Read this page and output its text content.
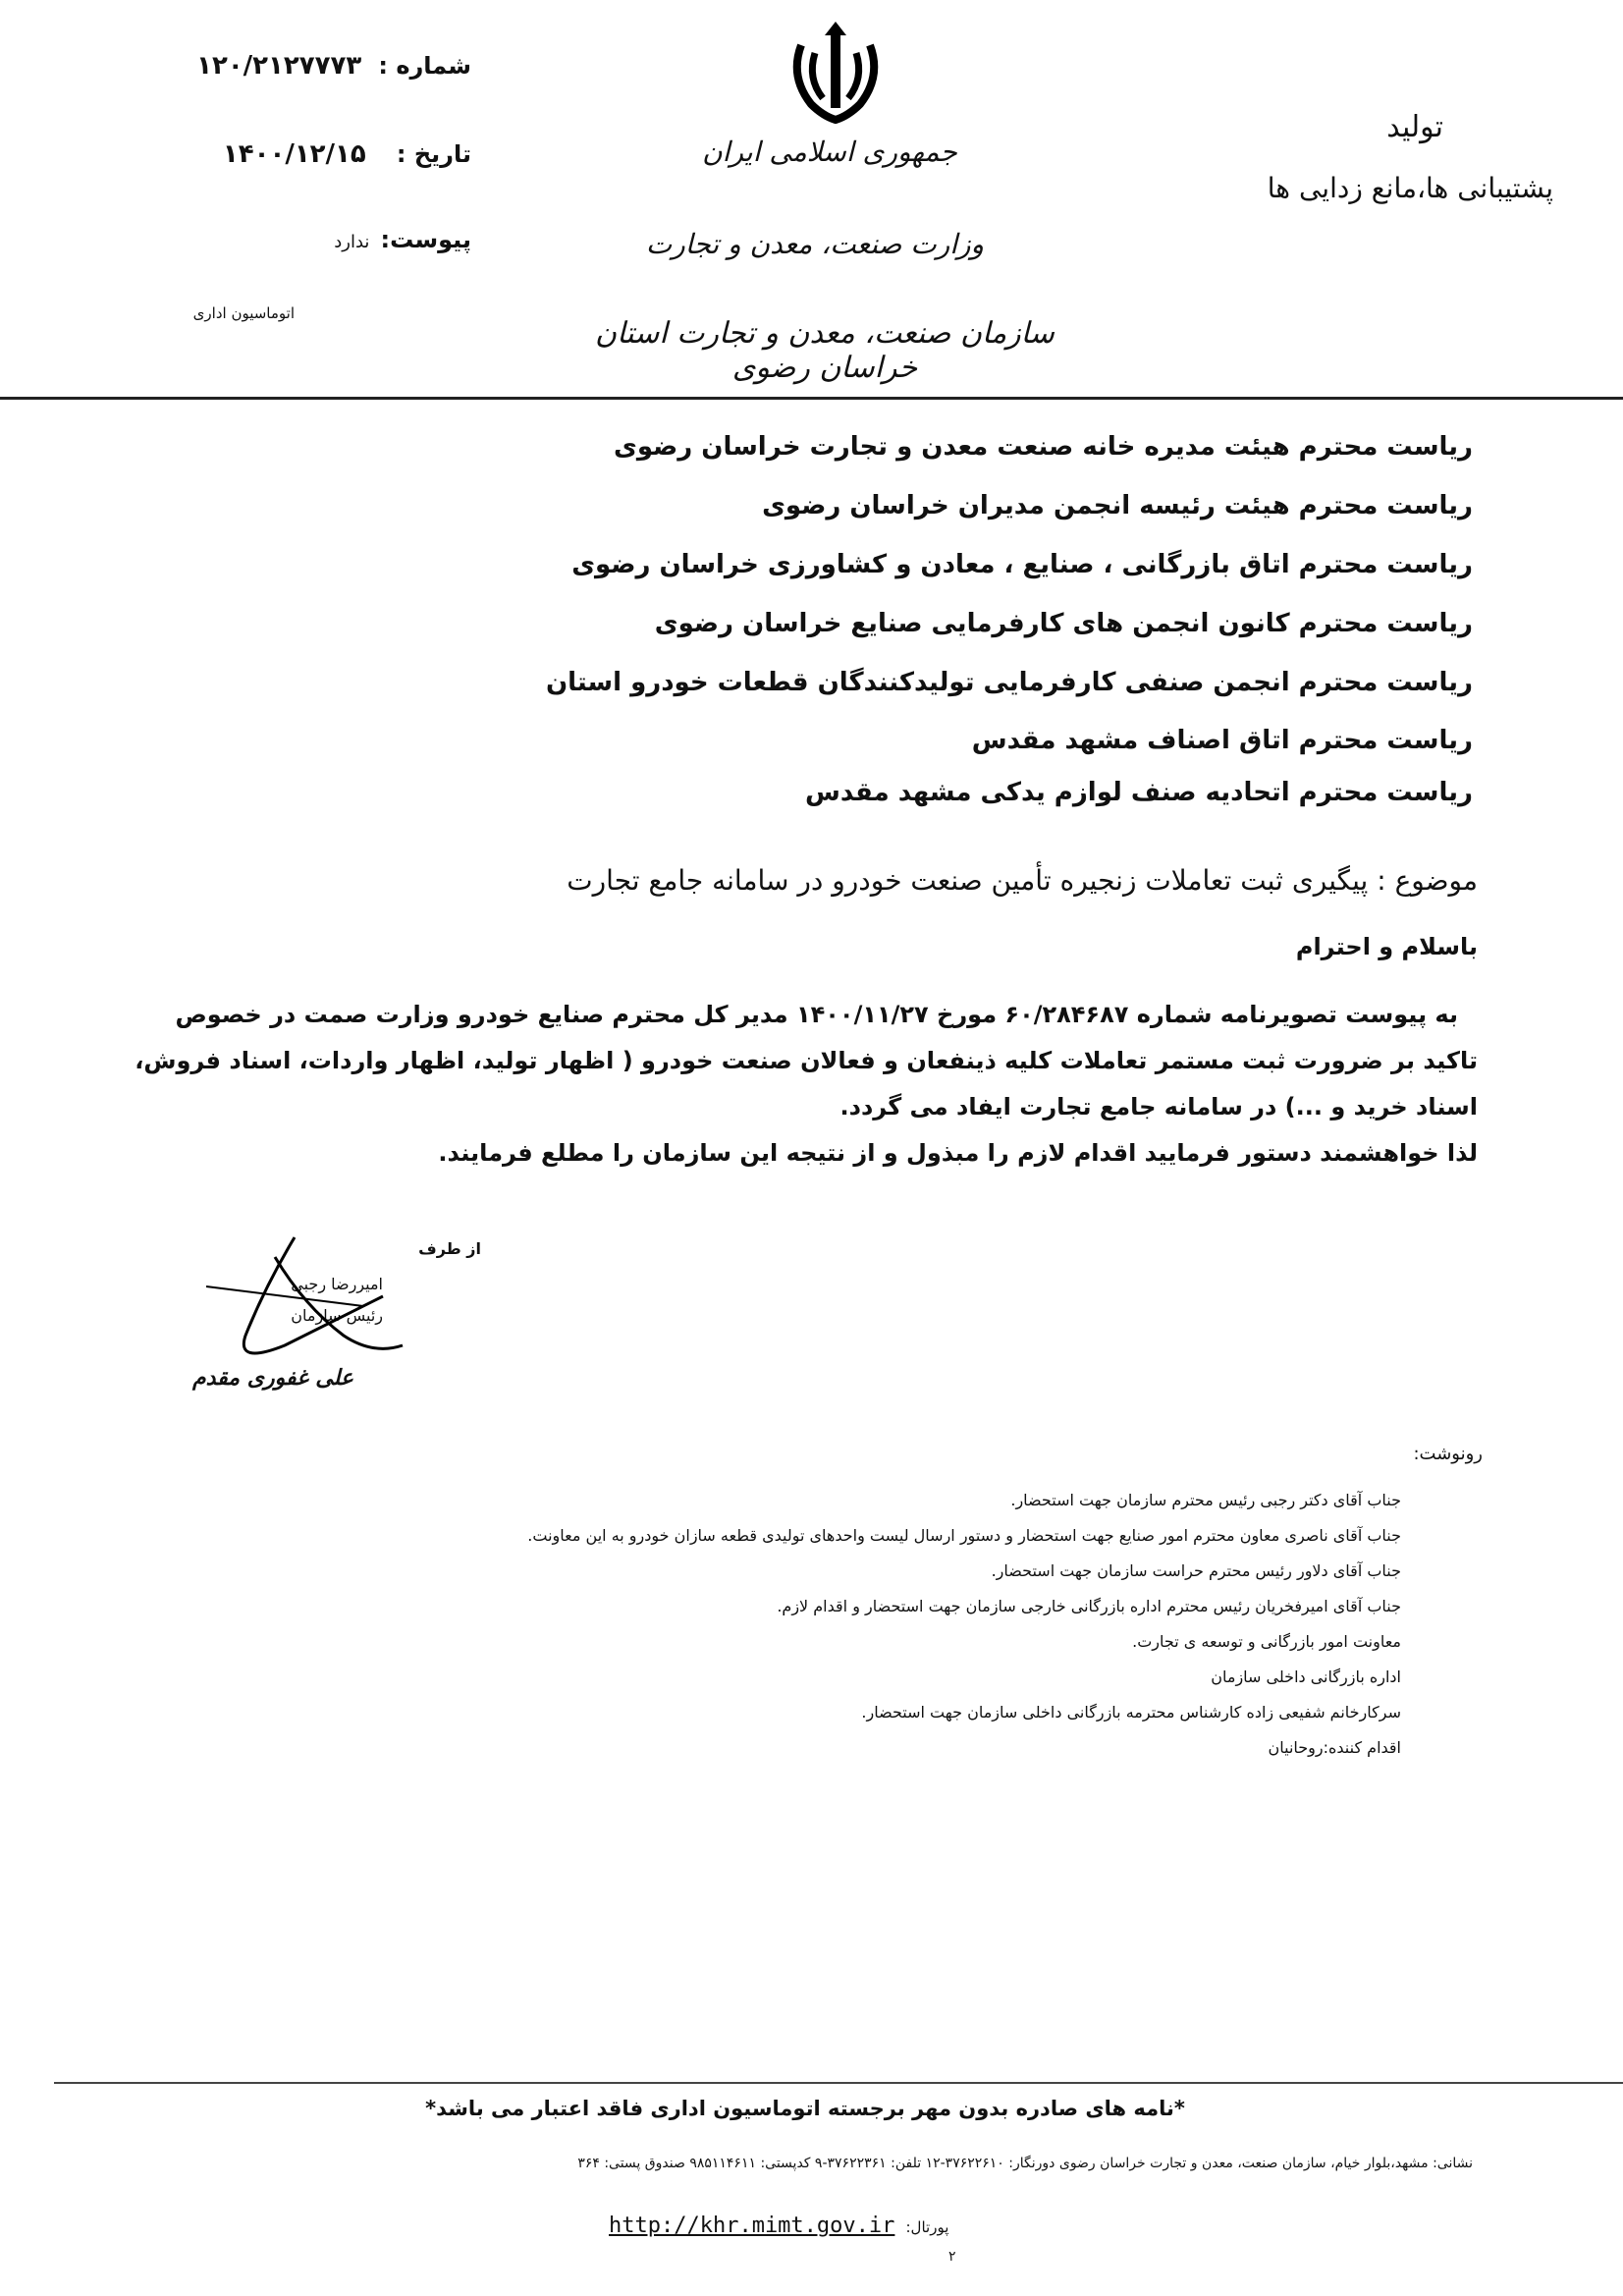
شماره : ۱۲۰/۲۱۲۷۷۷۳
تاریخ : ۱۴۰۰/۱۲/۱۵
پیوست: ندارد
اتوماسیون اداری
جمهوری اسلامی ایران
وزارت صنعت، معدن و تجارت
سازمان صنعت، معدن و تجارت استان خراسان رضوی
تولید
پشتیبانی ها،مانع زدایی ها
ریاست محترم هیئت مدیره خانه صنعت معدن و تجارت خراسان رضوی
ریاست محترم هیئت رئیسه انجمن مدیران خراسان رضوی
ریاست محترم اتاق بازرگانی ، صنایع ، معادن و کشاورزی خراسان رضوی
ریاست محترم کانون انجمن های کارفرمایی صنایع خراسان رضوی
ریاست محترم انجمن صنفی کارفرمایی تولیدکنندگان قطعات خودرو استان
ریاست محترم اتاق اصناف مشهد مقدس
ریاست محترم اتحادیه صنف لوازم یدکی مشهد مقدس
موضوع : پیگیری ثبت تعاملات زنجیره تأمین صنعت خودرو در سامانه جامع تجارت
باسلام و احترام
به پیوست تصویرنامه شماره ۶۰/۲۸۴۶۸۷ مورخ ۱۴۰۰/۱۱/۲۷ مدیر کل محترم صنایع خودرو وزارت صمت در خصوص
تاکید بر ضرورت ثبت مستمر تعاملات کلیه ذینفعان و فعالان صنعت خودرو ( اظهار تولید، اظهار واردات، اسناد فروش،
اسناد خرید و ...) در سامانه جامع تجارت ایفاد می گردد.
لذا خواهشمند دستور فرمایید اقدام لازم را مبذول و از نتیجه این سازمان را مطلع فرمایند.
از طرف
امیررضا رجبی
رئیس سازمان
علی غفوری مقدم
رونوشت:
جناب آقای دکتر رجبی رئیس محترم سازمان جهت استحضار.
جناب آقای ناصری معاون محترم امور صنایع جهت استحضار و دستور ارسال لیست واحدهای تولیدی قطعه سازان خودرو به این معاونت.
جناب آقای دلاور رئیس محترم حراست سازمان جهت استحضار.
جناب آقای امیرفخریان رئیس محترم اداره بازرگانی خارجی سازمان جهت استحضار و اقدام لازم.
معاونت امور بازرگانی و توسعه ی تجارت.
اداره بازرگانی داخلی سازمان
سرکارخانم شفیعی زاده کارشناس محترمه بازرگانی داخلی سازمان جهت استحضار.
اقدام کننده:روحانیان
*نامه های صادره بدون مهر برجسته اتوماسیون اداری فاقد اعتبار می باشد*
نشانی: مشهد،بلوار خیام، سازمان صنعت، معدن و تجارت خراسان رضوی دورنگار: ۳۷۶۲۲۶۱۰-۱۲ تلفن: ۳۷۶۲۲۳۶۱-۹ کدپستی: ۹۸۵۱۱۴۶۱۱ صندوق پستی: ۳۶۴
http://khr.mimt.gov.ir پورتال:
۲
